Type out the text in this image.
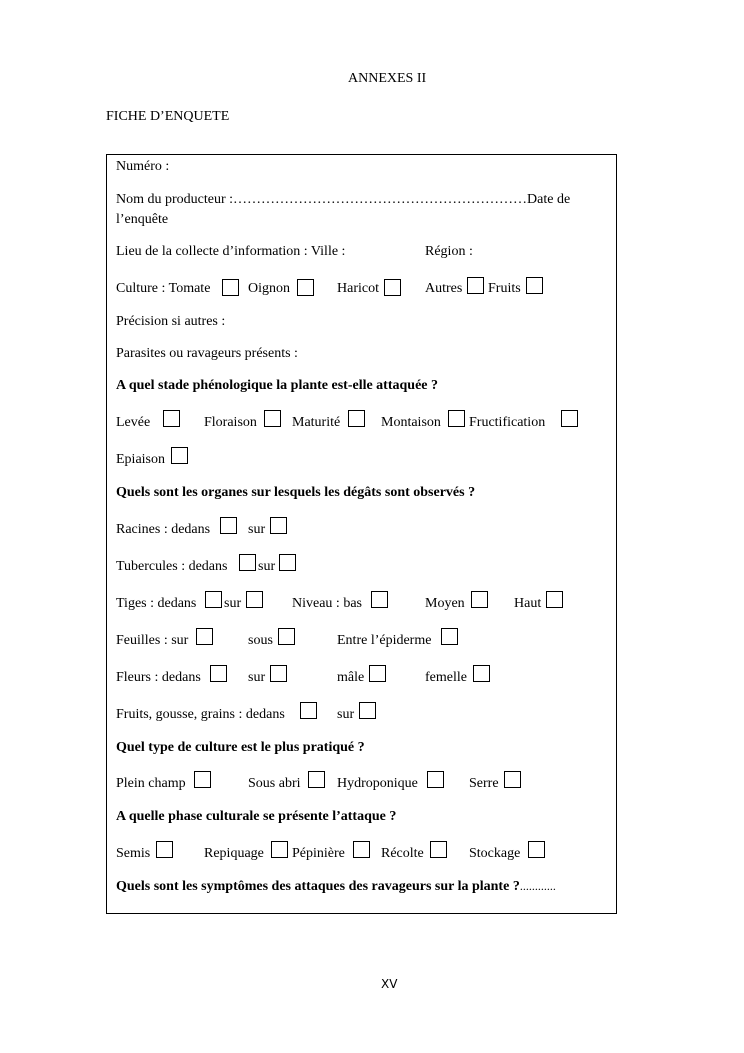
ANNEXES II
FICHE D’ENQUETE
Numéro :
Nom du producteur :………………………………………………………Date de
l’enquête
Lieu de la collecte d’information : Ville :	Région :
Culture : Tomate	Oignon	Haricot	Autres Fruits
Précision si autres :
Parasites ou ravageurs présents :
A quel stade phénologique la plante est-elle attaquée ?
Levée	Floraison	Maturité	Montaison Fructification
Epiaison
Quels sont les organes sur lesquels les dégâts sont observés ?
Racines : dedans	sur
Tubercules : dedans sur
Tiges : dedans sur	Niveau : bas	Moyen	Haut
Feuilles : sur	sous	Entre l’épiderme
Fleurs : dedans	sur	mâle	femelle
Fruits, gousse, grains : dedans	sur
Quel type de culture est le plus pratiqué ?
Plein champ	Sous abri	Hydroponique	Serre
A quelle phase culturale se présente l’attaque ?
Semis	Repiquage Pépinière	Récolte	Stockage
Quels sont les symptômes des attaques des ravageurs sur la plante ?............
XV
